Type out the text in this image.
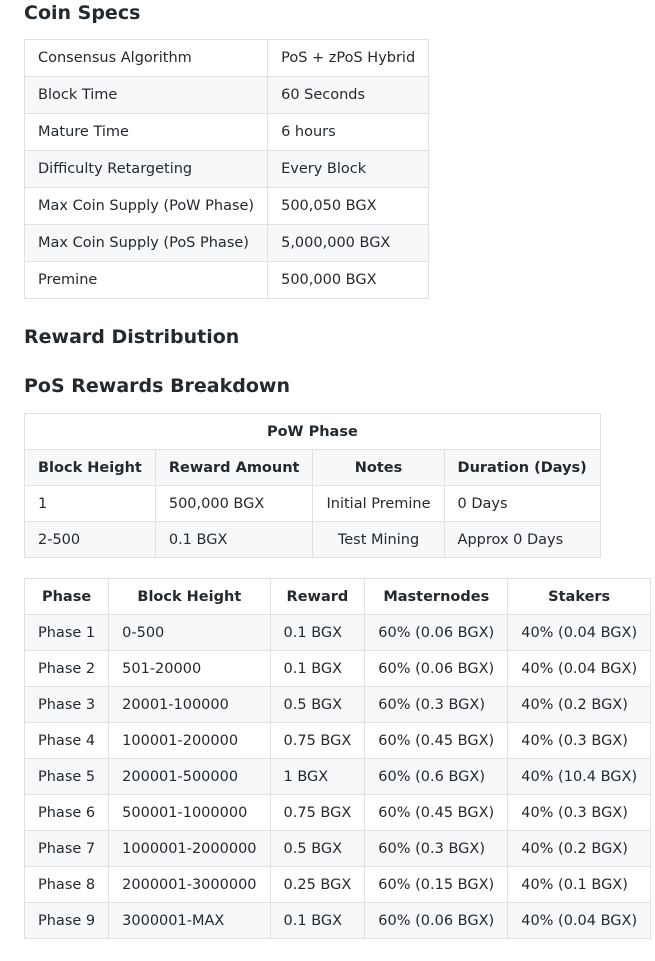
Coin Specs
Consensus Algorithm	PoS + zPoS Hybrid
Block Time	60 Seconds
Mature Time	6 hours
Difficulty Retargeting	Every Block
Max Coin Supply (PoW Phase)	500,050 BGX
Max Coin Supply (PoS Phase)	5,000,000 BGX
Premine	500,000 BGX
Reward Distribution
PoS Rewards Breakdown
PoW Phase			
Block Height	Reward Amount	Notes	Duration (Days)
1	500,000 BGX	Initial Premine	0 Days
2-500	0.1 BGX	Test Mining	Approx 0 Days
Phase	Block Height	Reward	Masternodes	Stakers
Phase 1	0-500	0.1 BGX	60% (0.06 BGX)	40% (0.04 BGX)
Phase 2	501-20000	0.1 BGX	60% (0.06 BGX)	40% (0.04 BGX)
Phase 3	20001-100000	0.5 BGX	60% (0.3 BGX)	40% (0.2 BGX)
Phase 4	100001-200000	0.75 BGX	60% (0.45 BGX)	40% (0.3 BGX)
Phase 5	200001-500000	1 BGX	60% (0.6 BGX)	40% (10.4 BGX)
Phase 6	500001-1000000	0.75 BGX	60% (0.45 BGX)	40% (0.3 BGX)
Phase 7	1000001-2000000	0.5 BGX	60% (0.3 BGX)	40% (0.2 BGX)
Phase 8	2000001-3000000	0.25 BGX	60% (0.15 BGX)	40% (0.1 BGX)
Phase 9	3000001-MAX	0.1 BGX	60% (0.06 BGX)	40% (0.04 BGX)
